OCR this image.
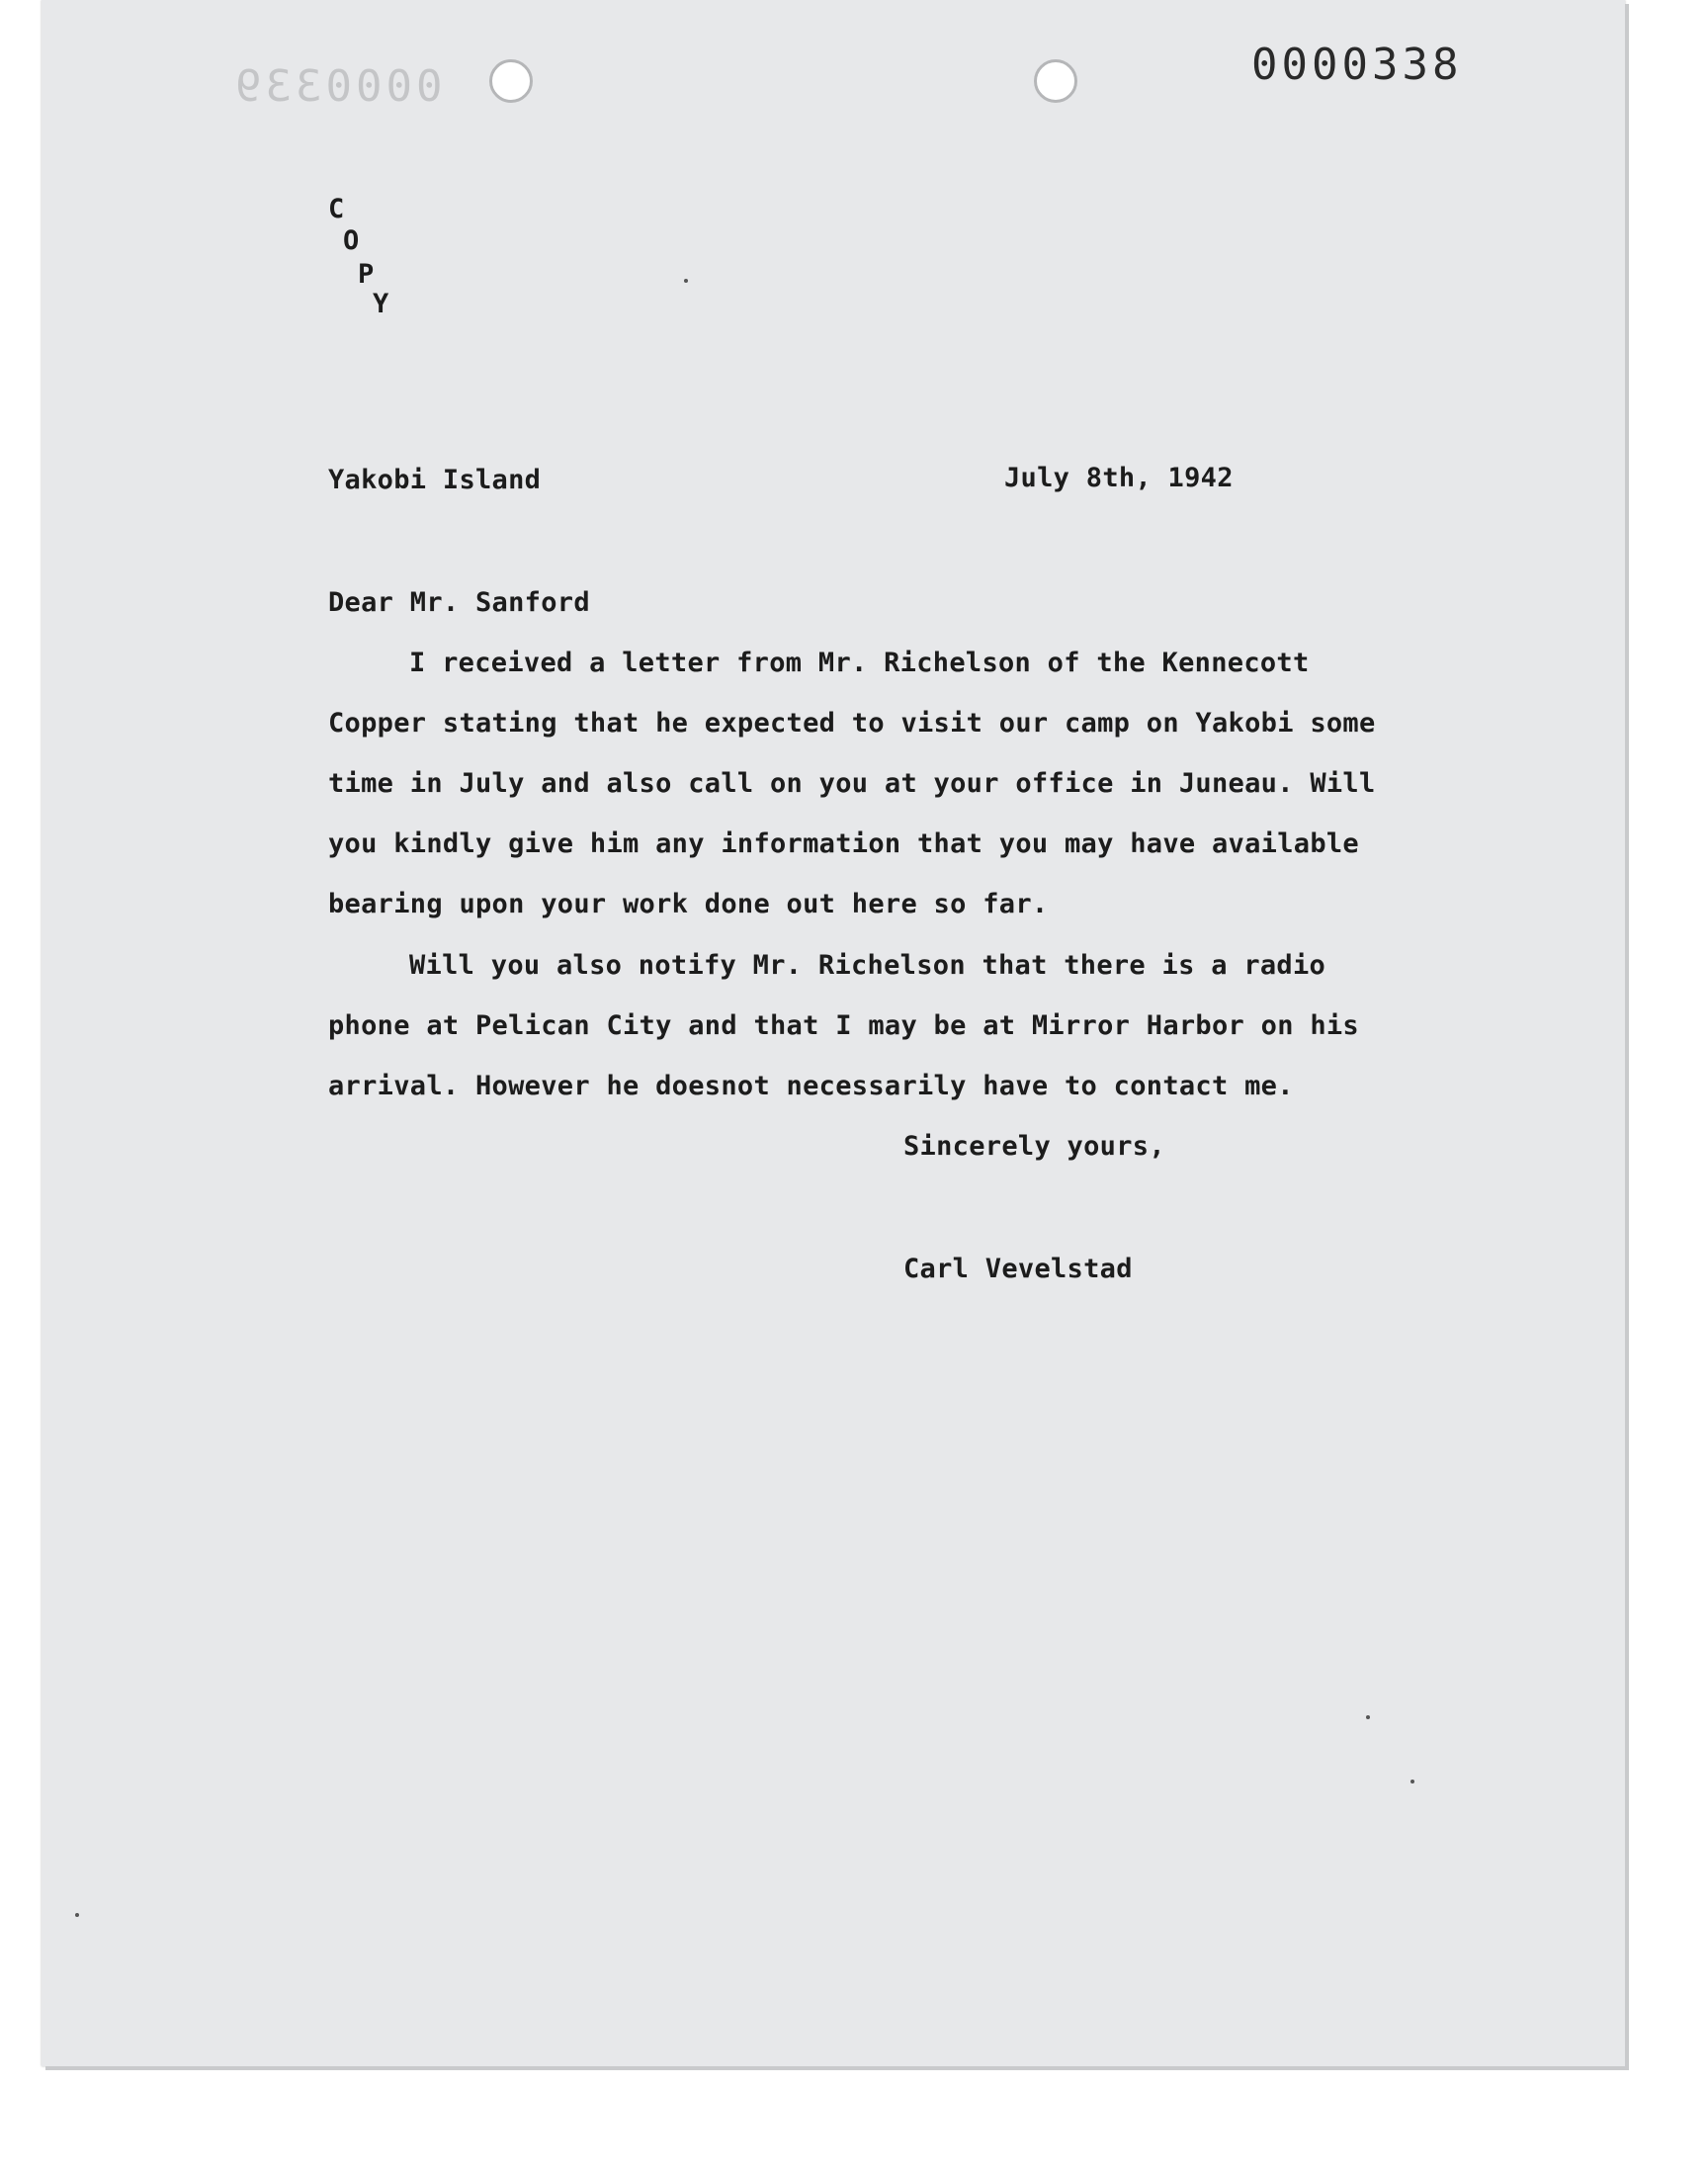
0000339	0000338
C
O
P
Y
Yakobi Island	July 8th, 1942
Dear Mr. Sanford
I received a letter from Mr. Richelson of the Kennecott
Copper stating that he expected to visit our camp on Yakobi some
time in July and also call on you at your office in Juneau. Will
you kindly give him any information that you may have available
bearing upon your work done out here so far.
Will you also notify Mr. Richelson that there is a radio
phone at Pelican City and that I may be at Mirror Harbor on his
arrival. However he doesnot necessarily have to contact me.
Sincerely yours,
Carl Vevelstad
